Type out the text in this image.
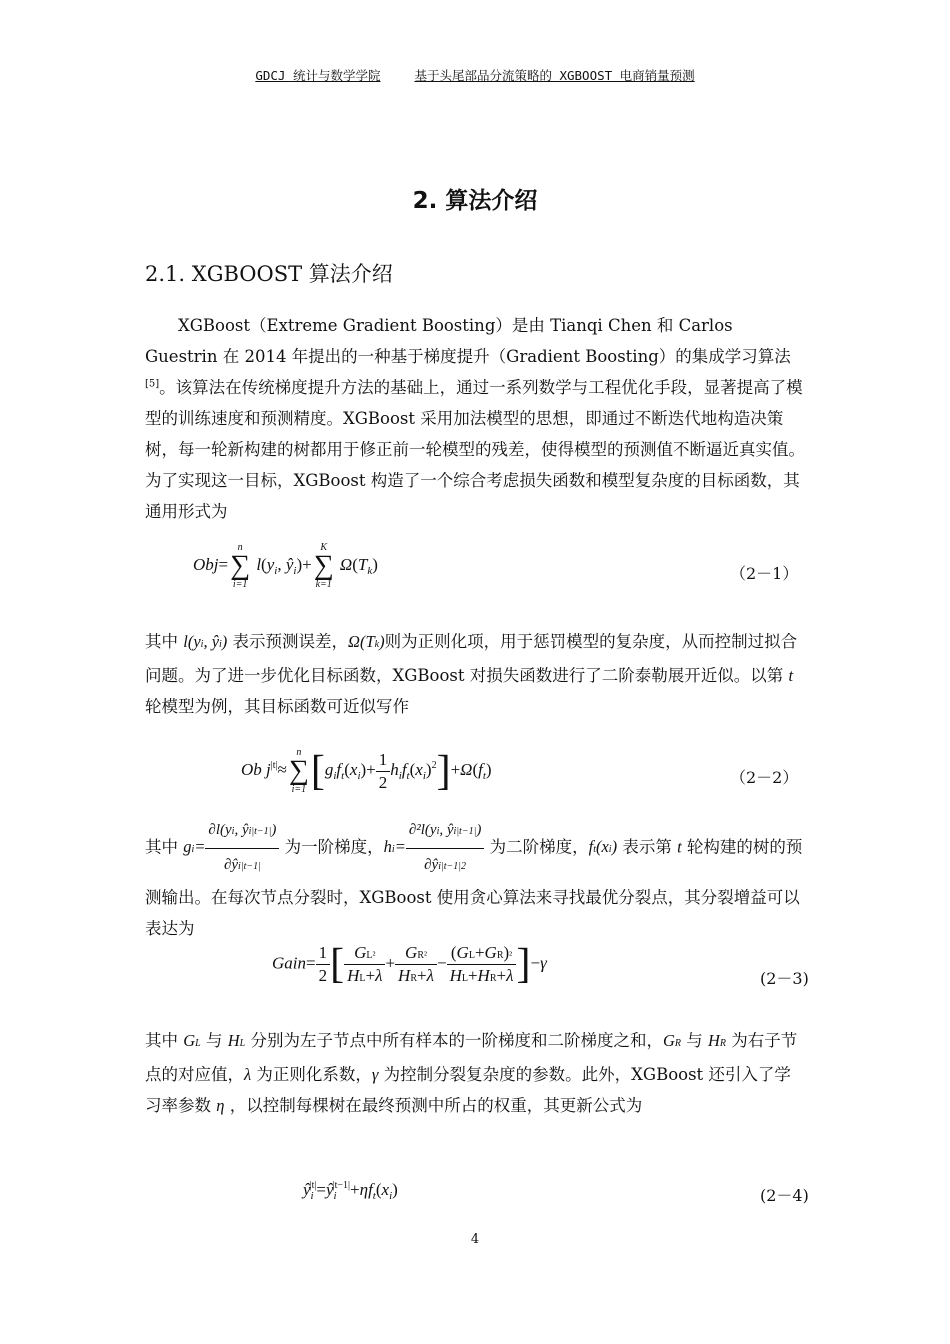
GDCJ 统计与数学学院	基于头尾部品分流策略的 XGBOOST 电商销量预测
2. 算法介绍
2.1. XGBOOST 算法介绍

XGBoost（Extreme Gradient Boosting）是由 Tianqi Chen 和 Carlos Guestrin 在 2014 年提出的一种基于梯度提升（Gradient Boosting）的集成学习算法[5]。该算法在传统梯度提升方法的基础上，通过一系列数学与工程优化手段，显著提高了模型的训练速度和预测精度。XGBoost 采用加法模型的思想，即通过不断迭代地构造决策树，每一轮新构建的树都用于修正前一轮模型的残差，使得模型的预测值不断逼近真实值。为了实现这一目标，XGBoost 构造了一个综合考虑损失函数和模型复杂度的目标函数，其通用形式为

Obj=
n
∑
i=1
$l(y_i$, $ŷ_i)+$
K
∑
k=1
$\Omega(T_k)$	（2－1）

其中 l(yi, ŷi) 表示预测误差，Ω(Tk)则为正则化项，用于惩罚模型的复杂度，从而控制过拟合问题。为了进一步优化目标函数，XGBoost 对损失函数进行了二阶泰勒展开近似。以第 t 轮模型为例，其目标函数可近似写作

Ob $j^{|t|}\approx$
n
∑
i=1 $[g_if_t(x_i)+ \frac{1}{2} h_if_t(x_i)^2]+\Omega(f_t)$	（2－2）
其中 $gi= \frac{\partial l(yi, ŷi|t-1|)}{\partial ŷi|t-1|}$ 为一阶梯度，$hi= \frac{\text{∂²l(yi, ŷi|t−1|)}}{\partial ŷi|t-1|2}$ 为二阶梯度，ft(xi) 表示第 t 轮构建的树的预测输出。在每次节点分裂时，XGBoost 使用贪心算法来寻找最优分裂点，其分裂增益可以表达为
Gain= $\frac{1}{2}$ [ $\frac{\text{GL²}}{HL+\lambda} + \frac{\text{GR²}}{HR+\lambda} - \frac{\text{(GL+GR)²}}{HL+HR+\lambda} ]-\gamma$
(2－3)

其中 GL 与 HL 分别为左子节点中所有样本的一阶梯度和二阶梯度之和，GR 与 HR 为右子节点的对应值，λ 为正则化系数，γ 为控制分裂复杂度的参数。此外，XGBoost 还引入了学习率参数 η ，以控制每棵树在最终预测中所占的权重，其更新公式为

$ŷ_i^{|t|}=ŷ_i^{|t-1|}+\eta f_t(x_i)$	(2－4)
4
